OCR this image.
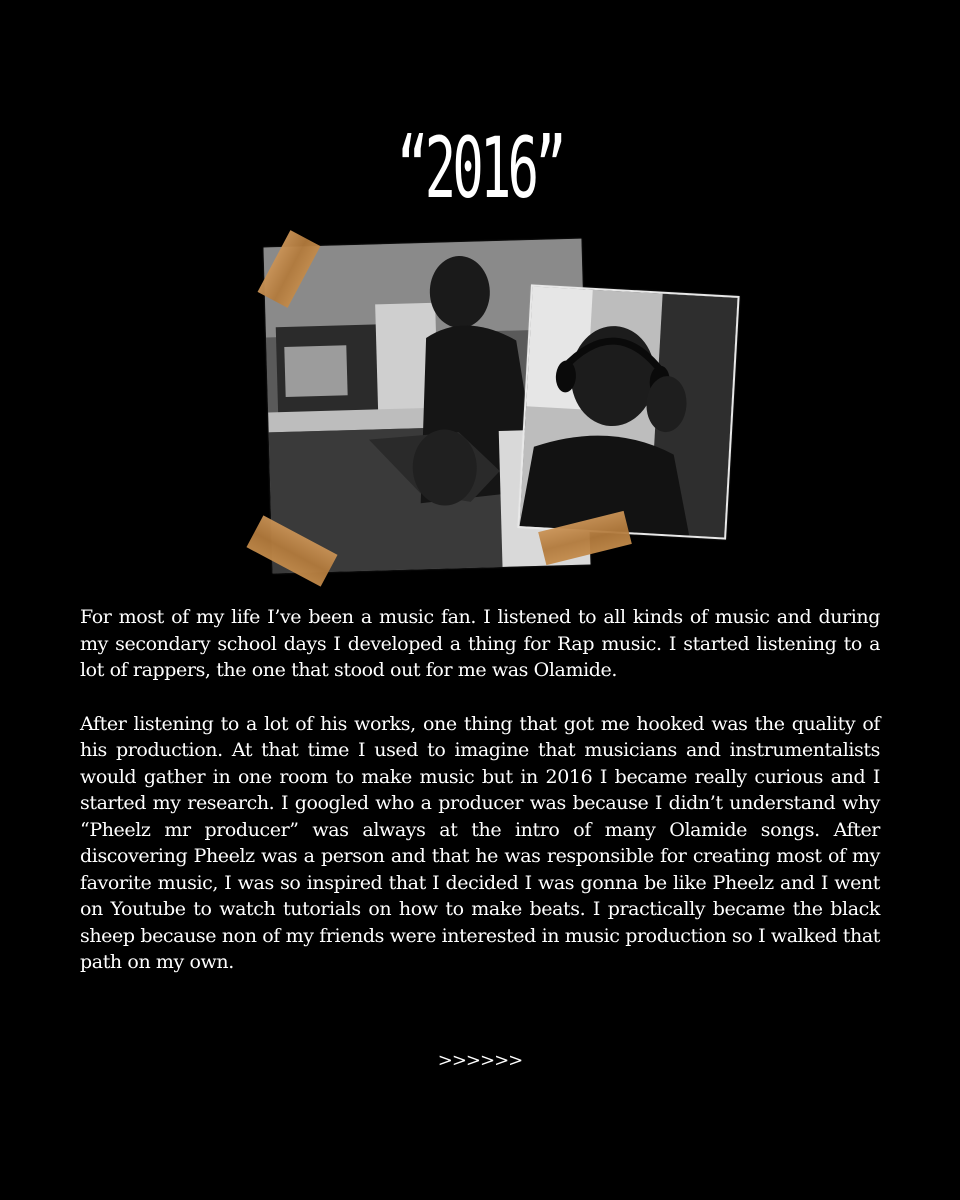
“2016”

For most of my life I’ve been a music fan. I listened to all kinds of music and during my secondary school days I developed a thing for Rap music. I started listening to a lot of rappers, the one that stood out for me was Olamide.

After listening to a lot of his works, one thing that got me hooked was the quality of his production. At that time I used to imagine that musicians and instrumentalists would gather in one room to make music but in 2016 I became really curious and I started my research. I googled who a producer was because I didn’t understand why “Pheelz mr producer” was always at the intro of many Olamide songs. After discovering Pheelz was a person and that he was responsible for creating most of my favorite music, I was so inspired that I decided I was gonna be like Pheelz and I went on Youtube to watch tutorials on how to make beats. I practically became the black sheep because non of my friends were interested in music production so I walked that path on my own.

>>>>>>
